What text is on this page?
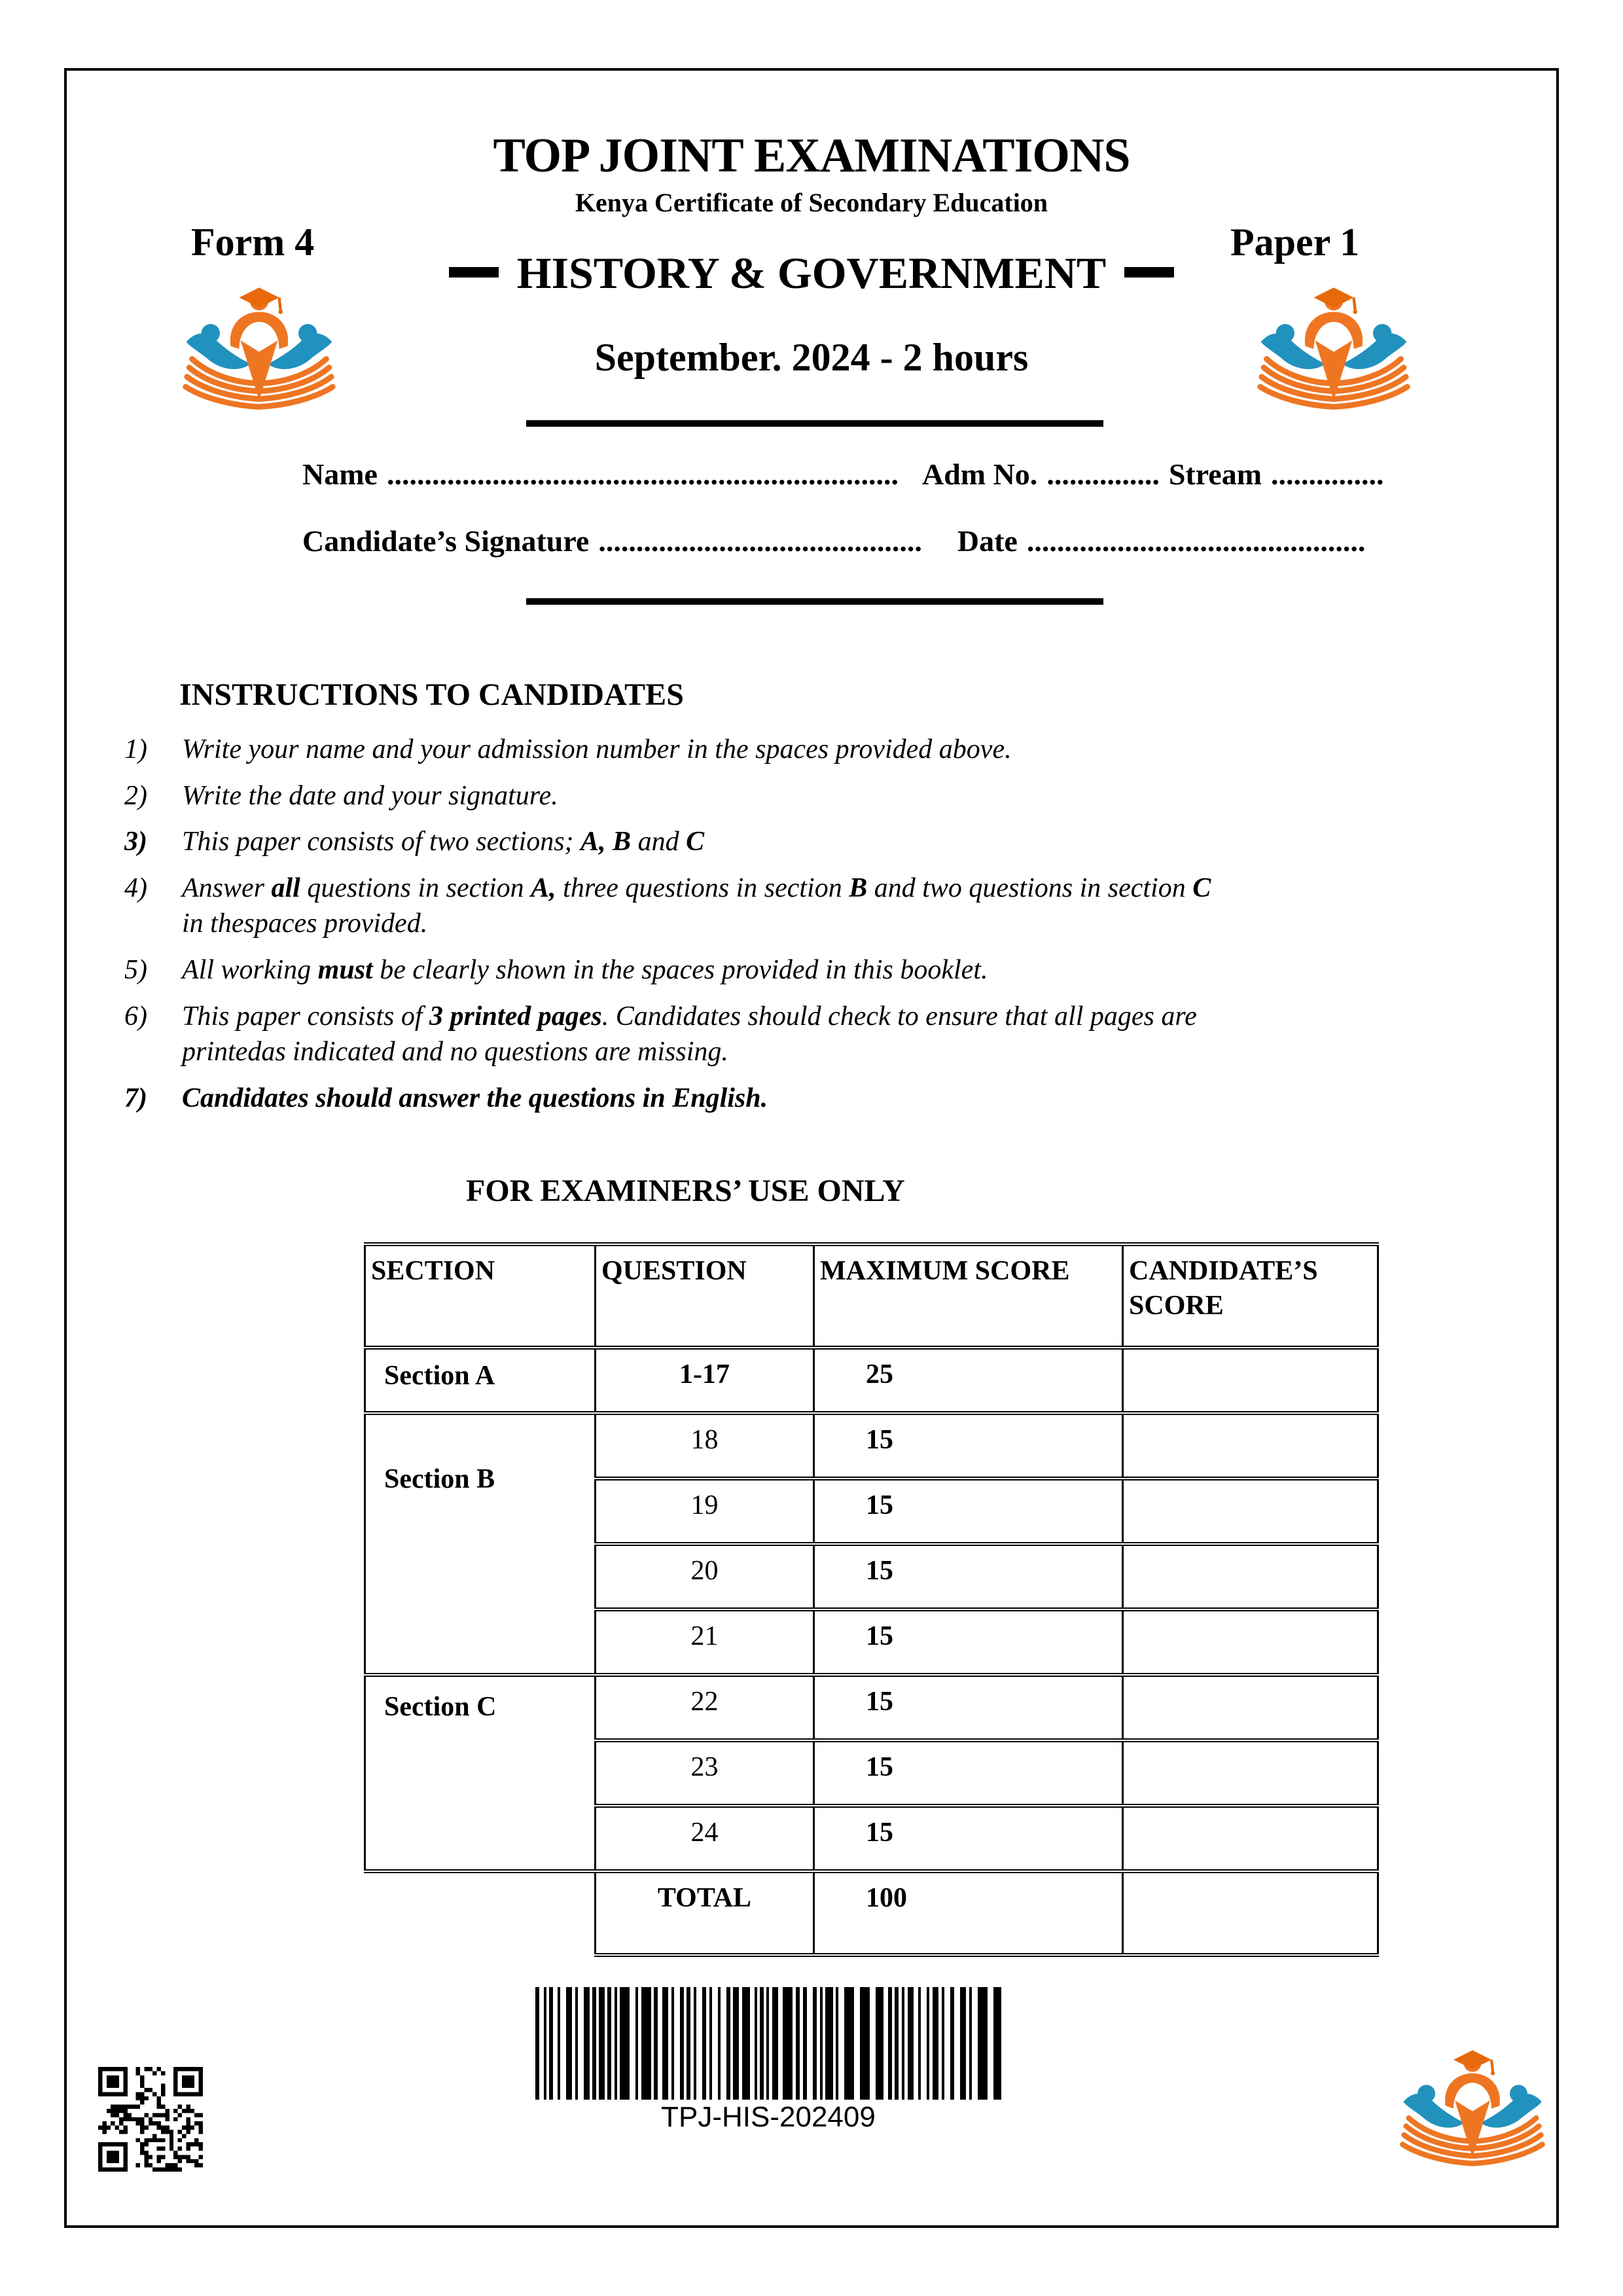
TOP JOINT EXAMINATIONS
Kenya Certificate of Secondary Education
Form 4	Paper 1
HISTORY & GOVERNMENT
September. 2024 - 2 hours
Name .................................................................... Adm No. ............... Stream ...............
Candidate’s Signature ........................................... Date .............................................
INSTRUCTIONS TO CANDIDATES
1)	Write your name and your admission number in the spaces provided above.
2)	Write the date and your signature.
3)	This paper consists of two sections; A, B and C
4)	Answer all questions in section A, three questions in section B and two questions in section C
in thespaces provided.
5)	All working must be clearly shown in the spaces provided in this booklet.
6)	This paper consists of 3 printed pages. Candidates should check to ensure that all pages are
printedas indicated and no questions are missing.
7)	Candidates should answer the questions in English.
FOR EXAMINERS’ USE ONLY
SECTION	QUESTION	MAXIMUM SCORE	CANDIDATE’S SCORE
Section A	1-17	25	
Section B	18	15	
	19	15	
	20	15	
	21	15	
Section C	22	15	
	23	15	
	24	15	
	TOTAL	100	
TPJ-HIS-202409
